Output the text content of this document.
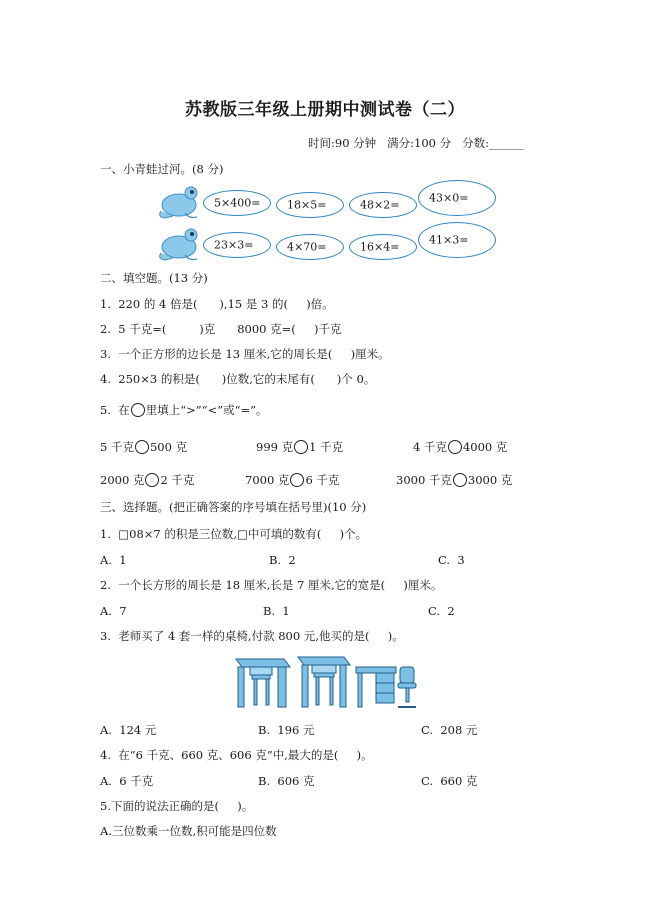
苏教版三年级上册期中测试卷（二）
时间:90 分钟   满分:100 分   分数:______
一、小青蛙过河。(8 分)
5×400= 18×5=	48×2=
43×0=
23×3=	4×70=	16×4=
41×3=
二、填空题。(13 分)
1.  220 的 4 倍是(      ),15 是 3 的(     )倍。
2.  5 千克=(         )克      8000 克=(     )千克
3.  一个正方形的边长是 13 厘米,它的周长是(     )厘米。
4.  250×3 的积是(      )位数,它的末尾有(      )个 0。
5.  在 里填上“>”“<”或“=”。
5 千克 500 克	999 克 1 千克	4 千克 4000 克
2000 克 2 千克	7000 克 6 千克	3000 千克 3000 克
三、选择题。(把正确答案的序号填在括号里)(10 分)
1.  □08×7 的积是三位数,□中可填的数有(     )个。
A.  1	B.  2	C.  3
2.  一个长方形的周长是 18 厘米,长是 7 厘米,它的宽是(     )厘米。
A.  7	B.  1	C.  2
3.  老师买了 4 套一样的桌椅,付款 800 元,他买的是(     )。
A.  124 元	B.  196 元	C.  208 元
4.  在“6 千克、660 克、606 克”中,最大的是(     )。
A.  6 千克	B.  606 克	C.  660 克
5.下面的说法正确的是(     )。
A.三位数乘一位数,积可能是四位数
